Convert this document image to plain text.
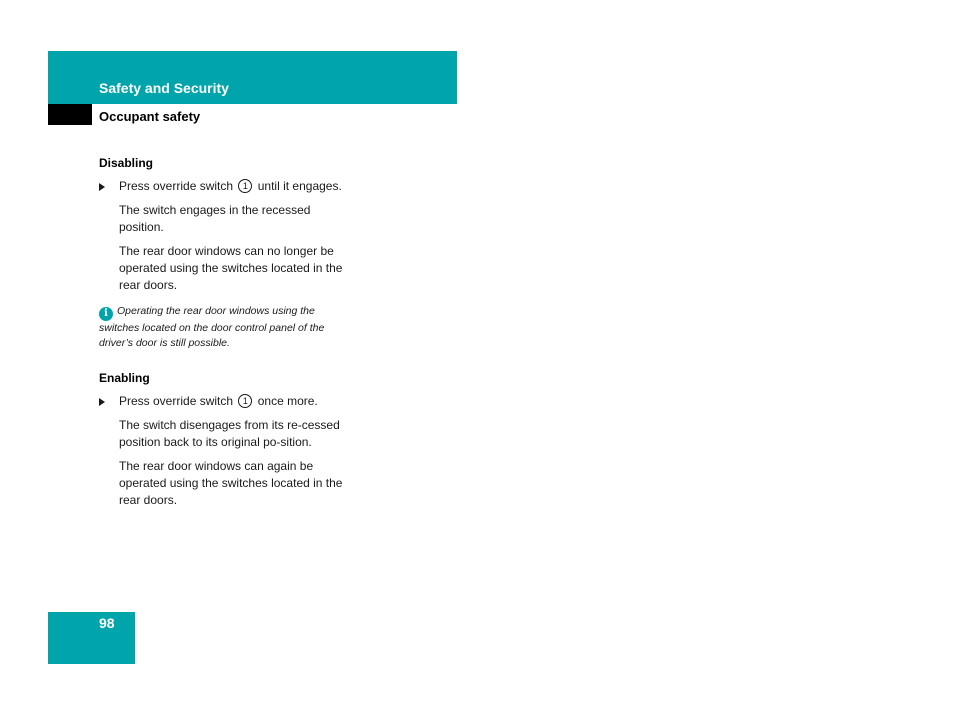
Safety and Security
Occupant safety
Disabling
Press override switch 1 until it engages.
The switch engages in the recessed position.
The rear door windows can no longer be operated using the switches located in the rear doors.
i Operating the rear door windows using the switches located on the door control panel of the driver’s door is still possible.
Enabling
Press override switch 1 once more.
The switch disengages from its re-cessed position back to its original po-sition.
The rear door windows can again be operated using the switches located in the rear doors.
98
